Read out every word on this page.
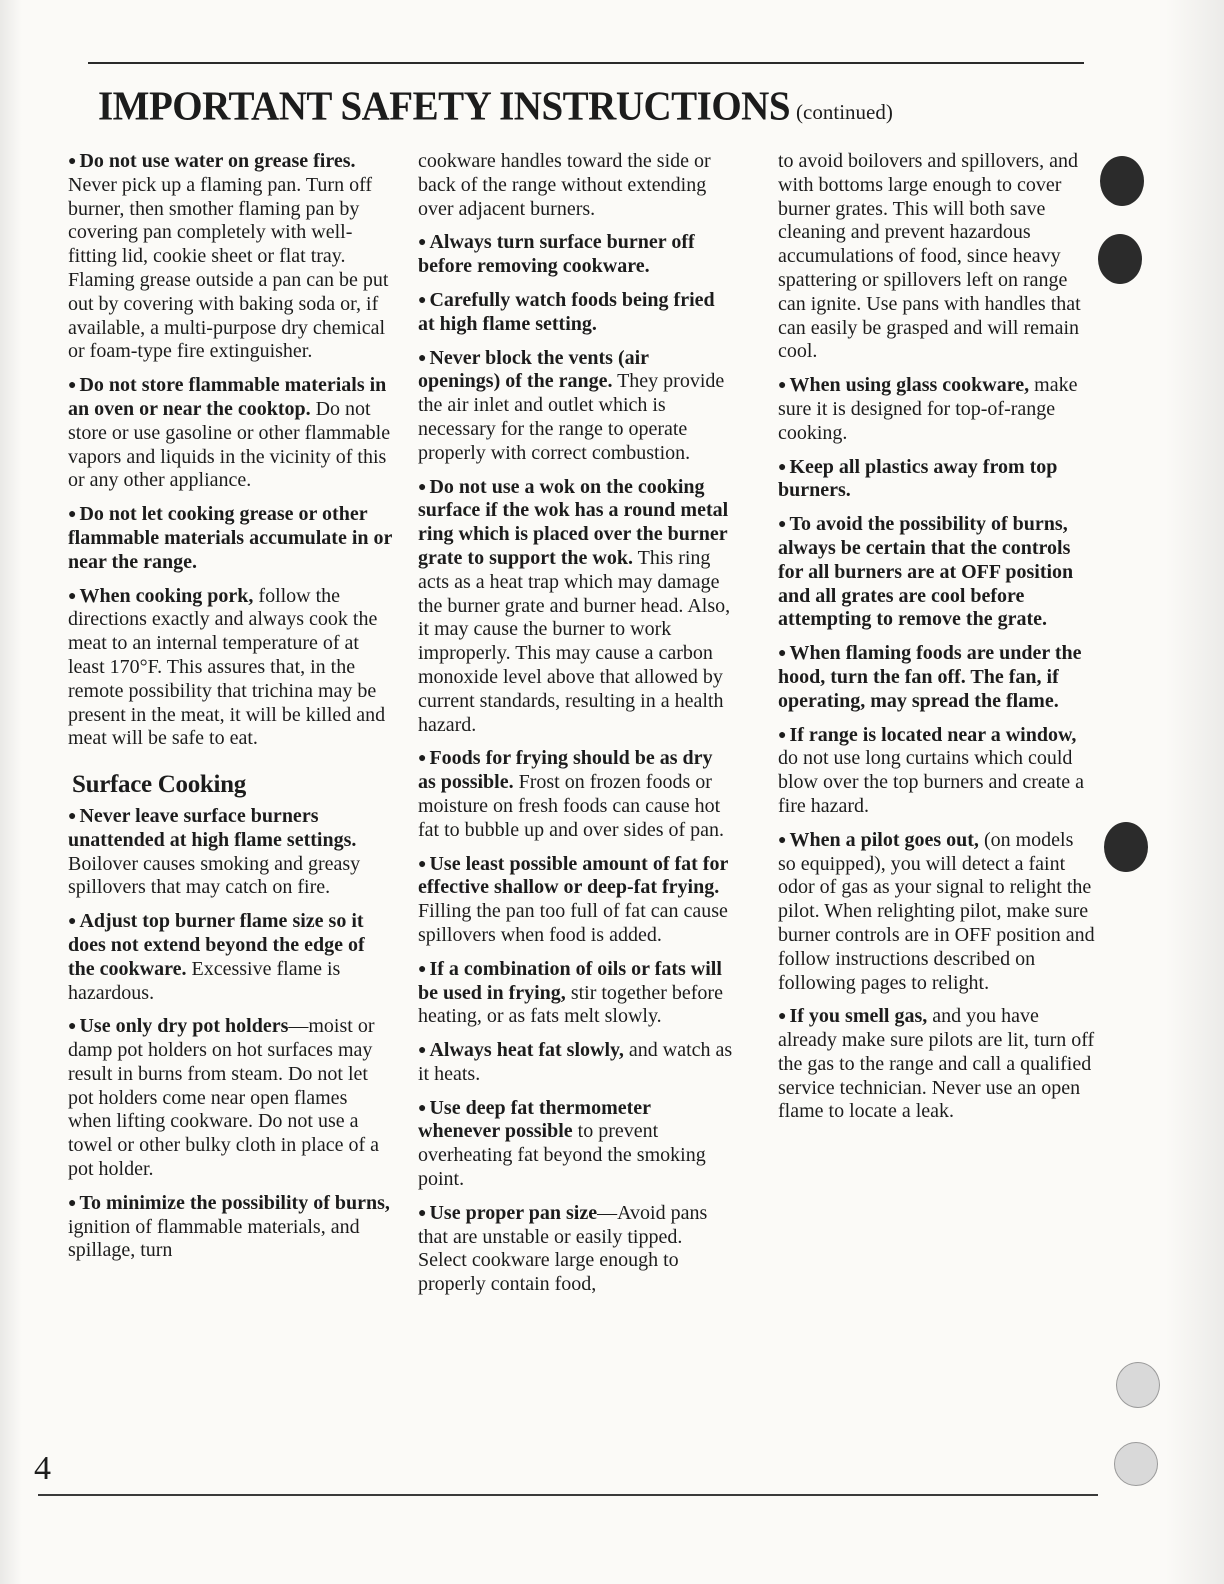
IMPORTANT SAFETY INSTRUCTIONS (continued)

● Do not use water on grease fires. Never pick up a flaming pan. Turn off burner, then smother flaming pan by covering pan completely with well-fitting lid, cookie sheet or flat tray. Flaming grease outside a pan can be put out by covering with baking soda or, if available, a multi-purpose dry chemical or foam-type fire extinguisher.

● Do not store flammable materials in an oven or near the cooktop. Do not store or use gasoline or other flammable vapors and liquids in the vicinity of this or any other appliance.

● Do not let cooking grease or other flammable materials accumulate in or near the range.

● When cooking pork, follow the directions exactly and always cook the meat to an internal temperature of at least 170°F. This assures that, in the remote possibility that trichina may be present in the meat, it will be killed and meat will be safe to eat.

Surface Cooking

● Never leave surface burners unattended at high flame settings. Boilover causes smoking and greasy spillovers that may catch on fire.

● Adjust top burner flame size so it does not extend beyond the edge of the cookware. Excessive flame is hazardous.

● Use only dry pot holders—moist or damp pot holders on hot surfaces may result in burns from steam. Do not let pot holders come near open flames when lifting cookware. Do not use a towel or other bulky cloth in place of a pot holder.

● To minimize the possibility of burns, ignition of flammable materials, and spillage, turn

cookware handles toward the side or back of the range without extending over adjacent burners.

● Always turn surface burner off before removing cookware.

● Carefully watch foods being fried at high flame setting.

● Never block the vents (air openings) of the range. They provide the air inlet and outlet which is necessary for the range to operate properly with correct combustion.

● Do not use a wok on the cooking surface if the wok has a round metal ring which is placed over the burner grate to support the wok. This ring acts as a heat trap which may damage the burner grate and burner head. Also, it may cause the burner to work improperly. This may cause a carbon monoxide level above that allowed by current standards, resulting in a health hazard.

● Foods for frying should be as dry as possible. Frost on frozen foods or moisture on fresh foods can cause hot fat to bubble up and over sides of pan.

● Use least possible amount of fat for effective shallow or deep-fat frying. Filling the pan too full of fat can cause spillovers when food is added.

● If a combination of oils or fats will be used in frying, stir together before heating, or as fats melt slowly.

● Always heat fat slowly, and watch as it heats.

● Use deep fat thermometer whenever possible to prevent overheating fat beyond the smoking point.

● Use proper pan size—Avoid pans that are unstable or easily tipped. Select cookware large enough to properly contain food,

to avoid boilovers and spillovers, and with bottoms large enough to cover burner grates. This will both save cleaning and prevent hazardous accumulations of food, since heavy spattering or spillovers left on range can ignite. Use pans with handles that can easily be grasped and will remain cool.

● When using glass cookware, make sure it is designed for top-of-range cooking.

● Keep all plastics away from top burners.

● To avoid the possibility of burns, always be certain that the controls for all burners are at OFF position and all grates are cool before attempting to remove the grate.

● When flaming foods are under the hood, turn the fan off. The fan, if operating, may spread the flame.

● If range is located near a window, do not use long curtains which could blow over the top burners and create a fire hazard.

● When a pilot goes out, (on models so equipped), you will detect a faint odor of gas as your signal to relight the pilot. When relighting pilot, make sure burner controls are in OFF position and follow instructions described on following pages to relight.

● If you smell gas, and you have already make sure pilots are lit, turn off the gas to the range and call a qualified service technician. Never use an open flame to locate a leak.

4
